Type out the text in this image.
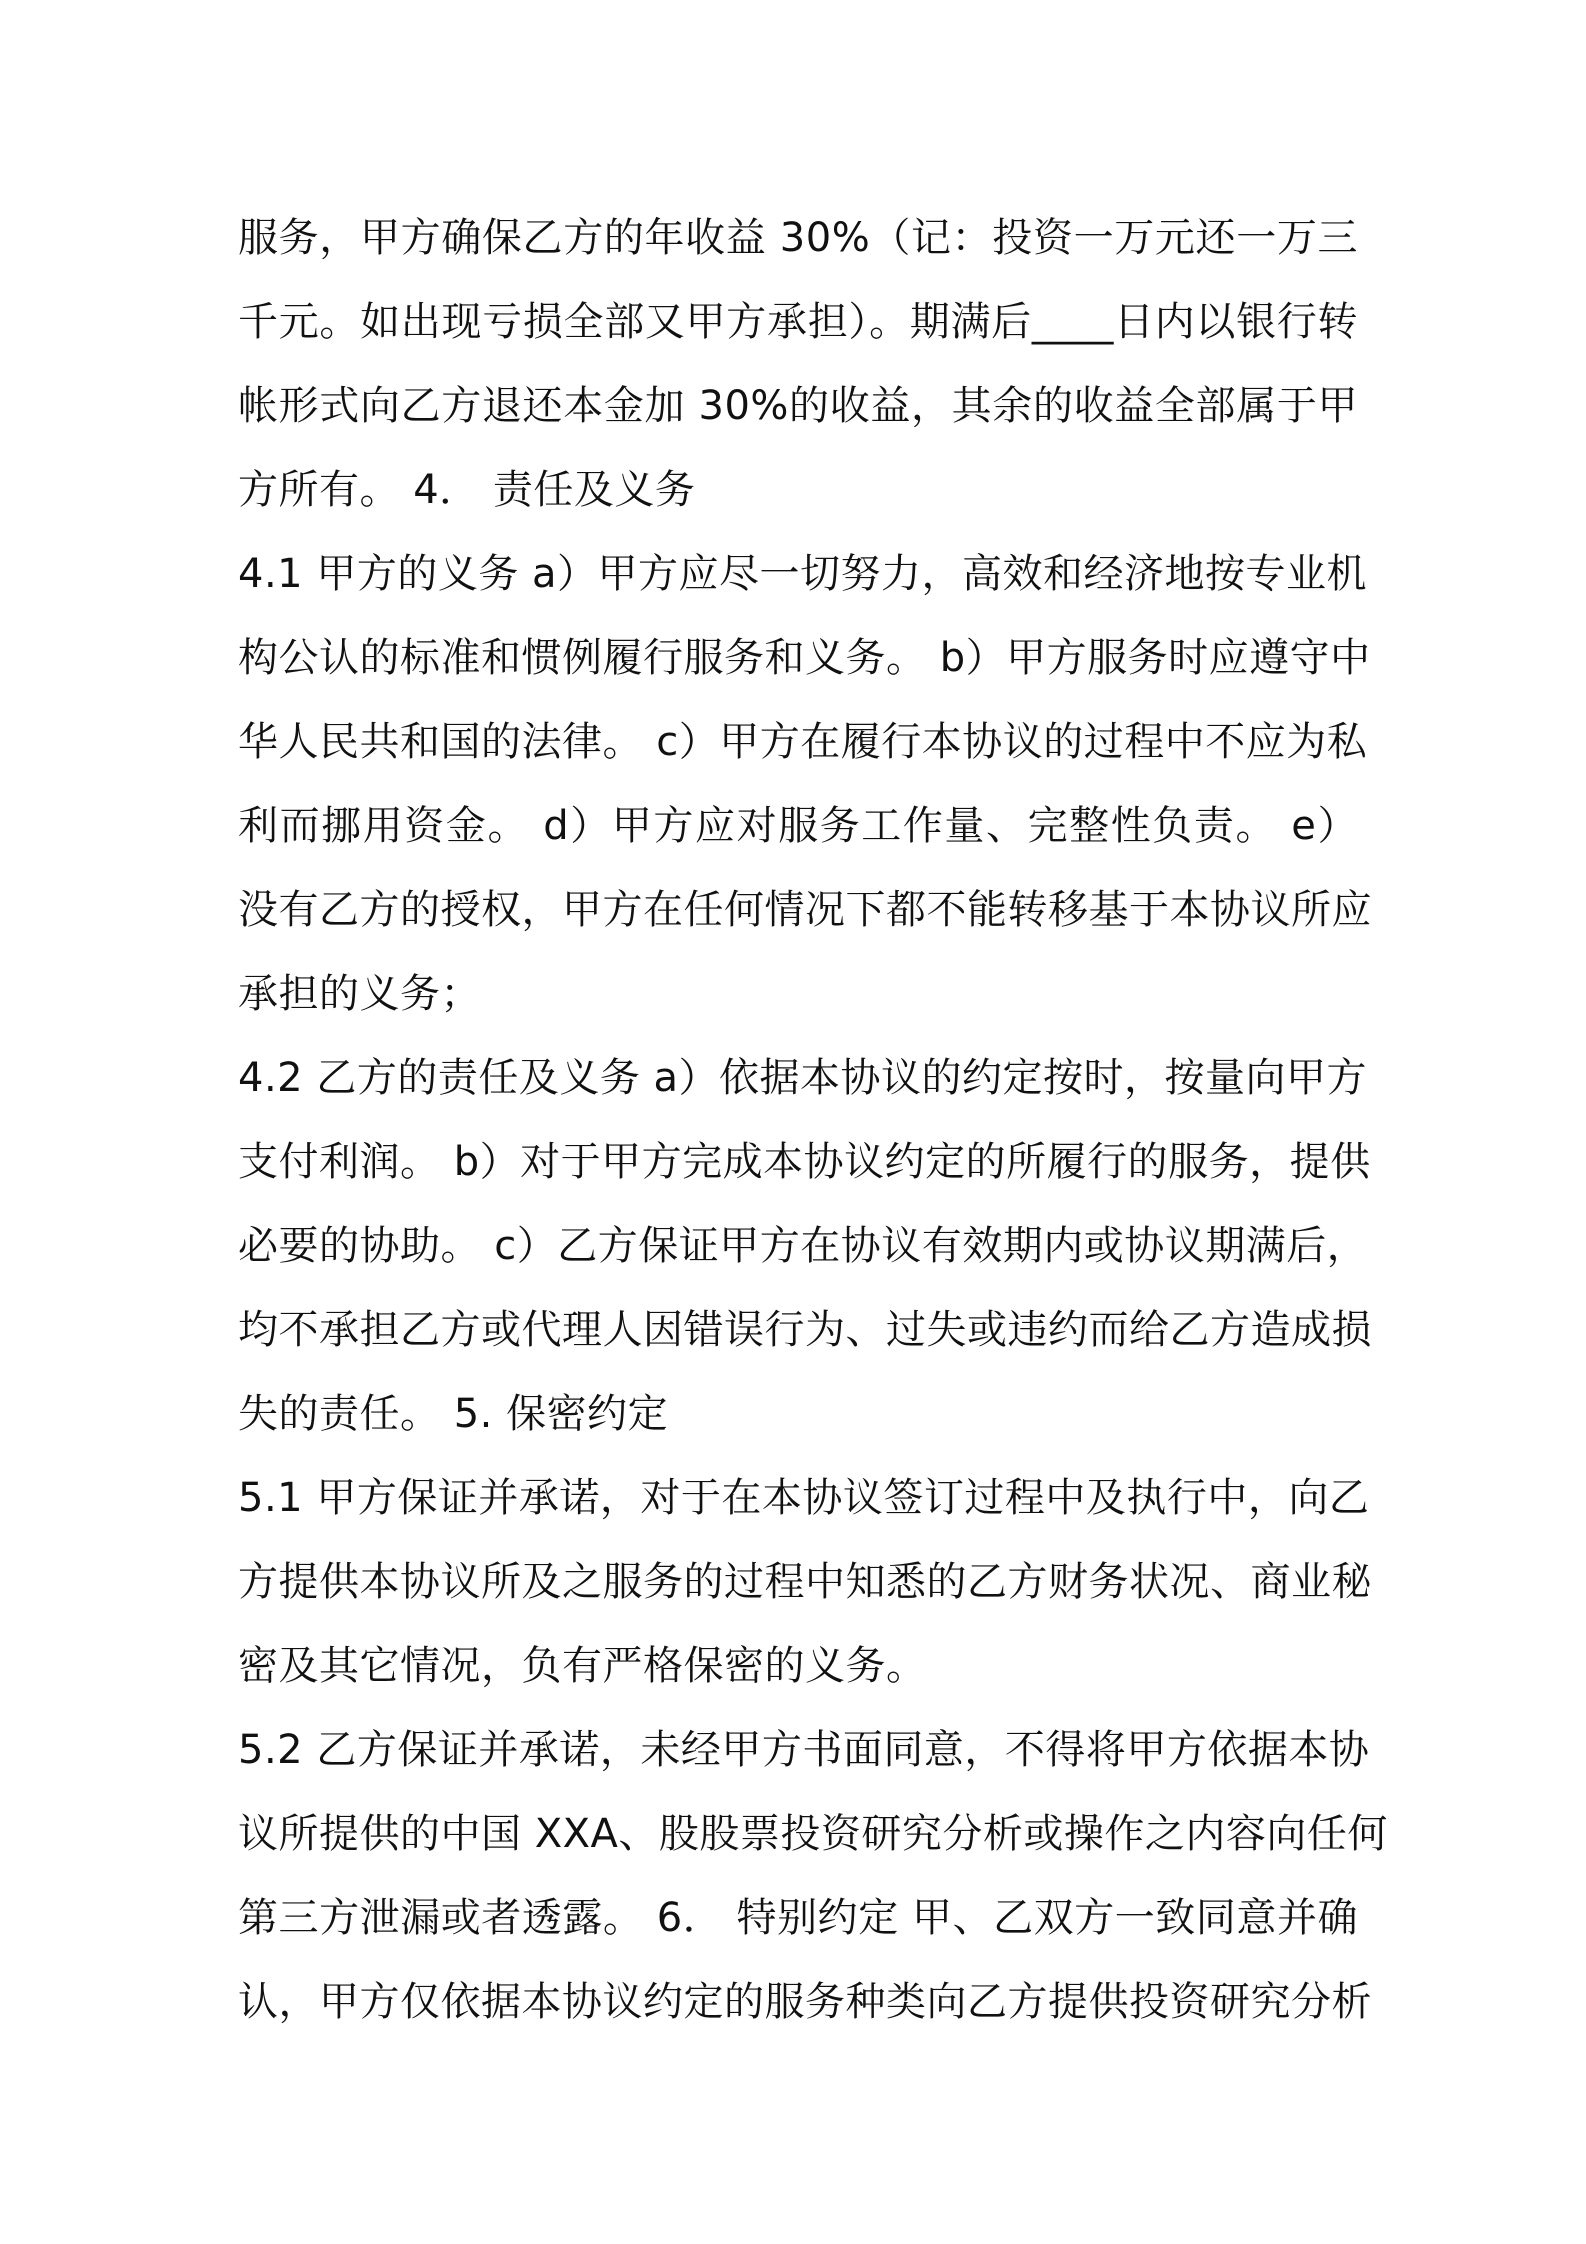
服务，甲方确保乙方的年收益 30%（记：投资一万元还一万三
千元。如出现亏损全部又甲方承担）。期满后____日内以银行转
帐形式向乙方退还本金加 30%的收益，其余的收益全部属于甲
方所有。 4． 责任及义务
4.1 甲方的义务 a）甲方应尽一切努力，高效和经济地按专业机
构公认的标准和惯例履行服务和义务。 b）甲方服务时应遵守中
华人民共和国的法律。 c）甲方在履行本协议的过程中不应为私
利而挪用资金。 d）甲方应对服务工作量、完整性负责。 e）
没有乙方的授权，甲方在任何情况下都不能转移基于本协议所应
承担的义务；
4.2 乙方的责任及义务 a）依据本协议的约定按时，按量向甲方
支付利润。 b）对于甲方完成本协议约定的所履行的服务，提供
必要的协助。 c）乙方保证甲方在协议有效期内或协议期满后，
均不承担乙方或代理人因错误行为、过失或违约而给乙方造成损
失的责任。 5. 保密约定
5.1 甲方保证并承诺，对于在本协议签订过程中及执行中，向乙
方提供本协议所及之服务的过程中知悉的乙方财务状况、商业秘
密及其它情况，负有严格保密的义务。
5.2 乙方保证并承诺，未经甲方书面同意，不得将甲方依据本协
议所提供的中国 XXA、股股票投资研究分析或操作之内容向任何
第三方泄漏或者透露。 6． 特别约定 甲、乙双方一致同意并确
认，甲方仅依据本协议约定的服务种类向乙方提供投资研究分析
